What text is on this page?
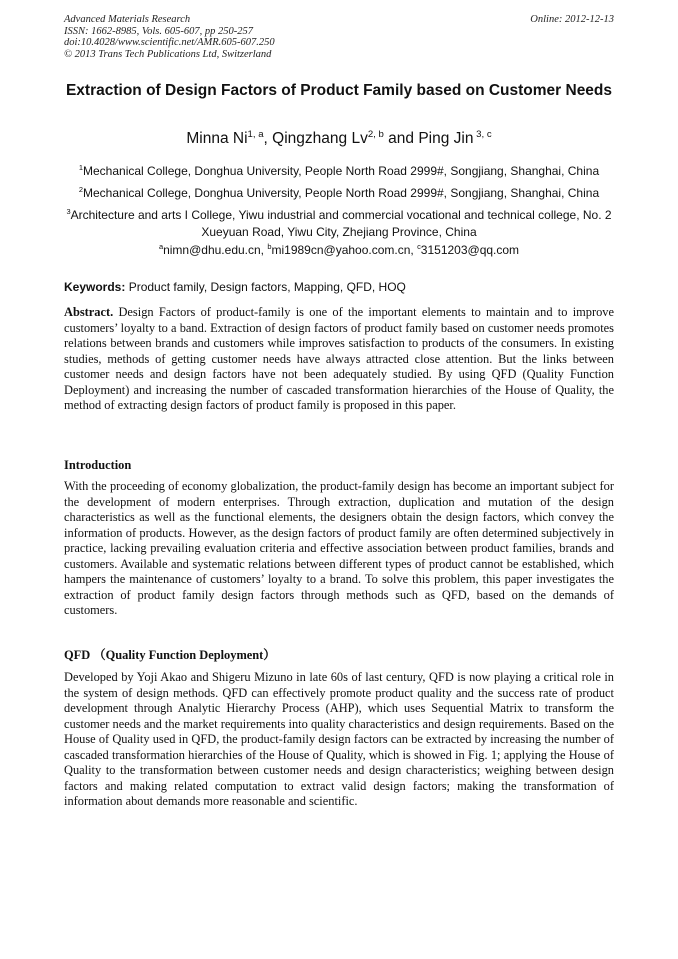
Advanced Materials Research
ISSN: 1662-8985, Vols. 605-607, pp 250-257
doi:10.4028/www.scientific.net/AMR.605-607.250
© 2013 Trans Tech Publications Ltd, Switzerland
Online: 2012-12-13
Extraction of Design Factors of Product Family based on Customer Needs
Minna Ni$^{1, a}$, Qingzhang Lv$^{2, b}$ and Ping Jin $^{3, c}$
$^1$Mechanical College, Donghua University, People North Road 2999#, Songjiang, Shanghai, China
$^2$Mechanical College, Donghua University, People North Road 2999#, Songjiang, Shanghai, China
$^3$Architecture and arts I College, Yiwu industrial and commercial vocational and technical college, No. 2 Xueyuan Road, Yiwu City, Zhejiang Province, China
$^a$nimn@dhu.edu.cn, $^b$mi1989cn@yahoo.com.cn, $^c$3151203@qq.com
Keywords: Product family, Design factors, Mapping, QFD, HOQ
Abstract. Design Factors of product-family is one of the important elements to maintain and to improve customers’ loyalty to a band. Extraction of design factors of product family based on customer needs promotes relations between brands and customers while improves satisfaction to products of the consumers. In existing studies, methods of getting customer needs have always attracted close attention. But the links between customer needs and design factors have not been adequately studied. By using QFD (Quality Function Deployment) and increasing the number of cascaded transformation hierarchies of the House of Quality, the method of extracting design factors of product family is proposed in this paper.
Introduction
With the proceeding of economy globalization, the product-family design has become an important subject for the development of modern enterprises. Through extraction, duplication and mutation of the design characteristics as well as the functional elements, the designers obtain the design factors, which convey the information of products. However, as the design factors of product family are often determined subjectively in practice, lacking prevailing evaluation criteria and effective association between product families, brands and customers. Available and systematic relations between different types of product cannot be established, which hampers the maintenance of customers’ loyalty to a brand. To solve this problem, this paper investigates the extraction of product family design factors through methods such as QFD, based on the demands of customers.
QFD （Quality Function Deployment）
Developed by Yoji Akao and Shigeru Mizuno in late 60s of last century, QFD is now playing a critical role in the system of design methods. QFD can effectively promote product quality and the success rate of product development through Analytic Hierarchy Process (AHP), which uses Sequential Matrix to transform the customer needs and the market requirements into quality characteristics and design requirements. Based on the House of Quality used in QFD, the product-family design factors can be extracted by increasing the number of cascaded transformation hierarchies of the House of Quality, which is showed in Fig. 1; applying the House of Quality to the transformation between customer needs and design characteristics; weighing between design factors and making related computation to extract valid design factors; making the transformation of information about demands more reasonable and scientific.
